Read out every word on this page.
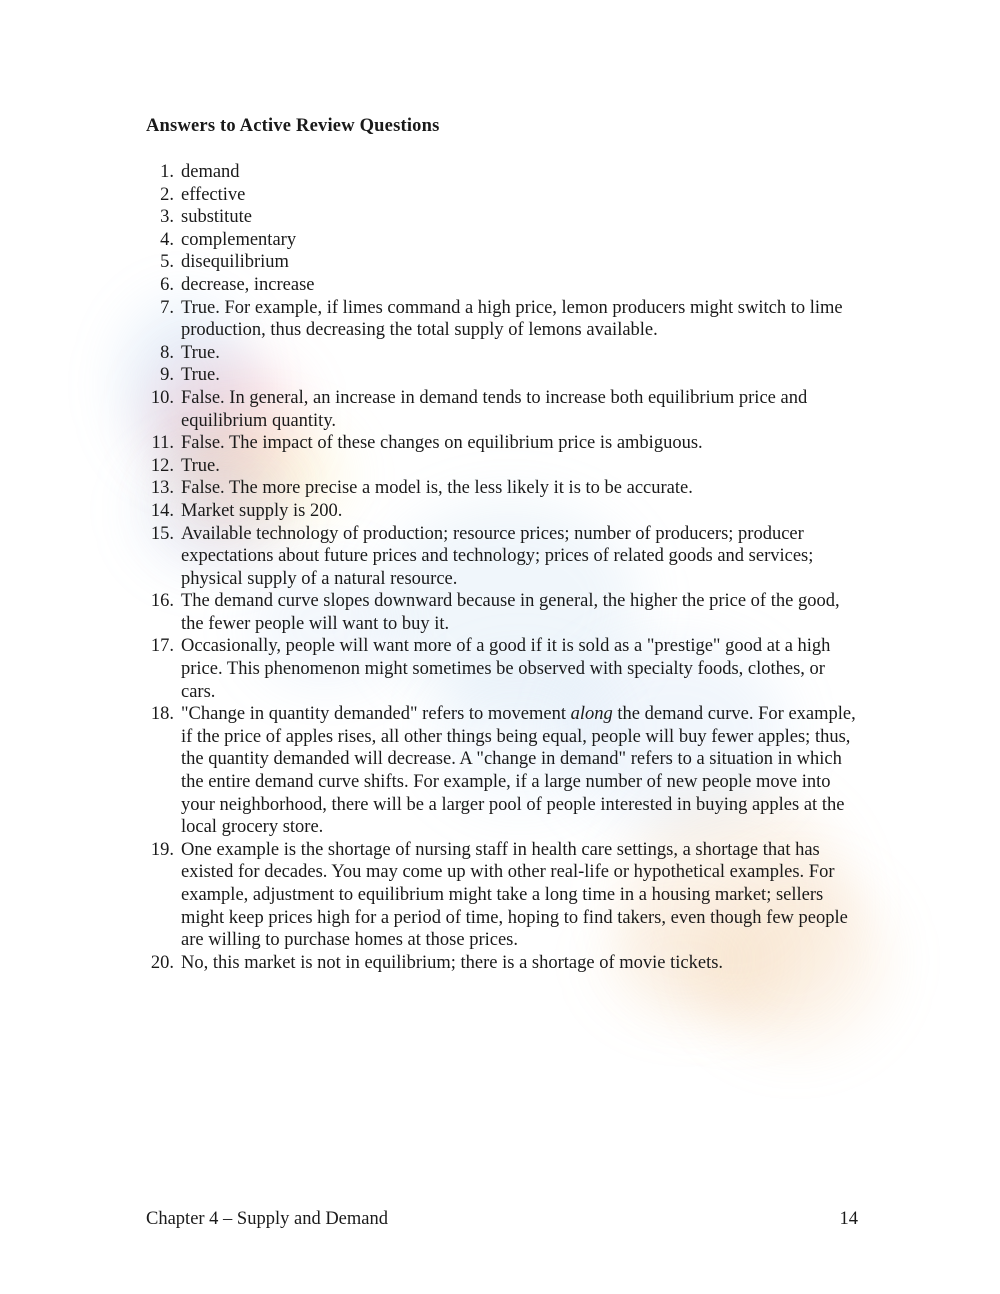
Answers to Active Review Questions
1. demand
2. effective
3. substitute
4. complementary
5. disequilibrium
6. decrease, increase
7. True. For example, if limes command a high price, lemon producers might switch to lime production, thus decreasing the total supply of lemons available.
8. True.
9. True.
10. False. In general, an increase in demand tends to increase both equilibrium price and equilibrium quantity.
11. False. The impact of these changes on equilibrium price is ambiguous.
12. True.
13. False. The more precise a model is, the less likely it is to be accurate.
14. Market supply is 200.
15. Available technology of production; resource prices; number of producers; producer expectations about future prices and technology; prices of related goods and services; physical supply of a natural resource.
16. The demand curve slopes downward because in general, the higher the price of the good, the fewer people will want to buy it.
17. Occasionally, people will want more of a good if it is sold as a "prestige" good at a high price. This phenomenon might sometimes be observed with specialty foods, clothes, or cars.
18. "Change in quantity demanded" refers to movement along the demand curve. For example, if the price of apples rises, all other things being equal, people will buy fewer apples; thus, the quantity demanded will decrease. A "change in demand" refers to a situation in which the entire demand curve shifts. For example, if a large number of new people move into your neighborhood, there will be a larger pool of people interested in buying apples at the local grocery store.
19. One example is the shortage of nursing staff in health care settings, a shortage that has existed for decades. You may come up with other real-life or hypothetical examples. For example, adjustment to equilibrium might take a long time in a housing market; sellers might keep prices high for a period of time, hoping to find takers, even though few people are willing to purchase homes at those prices.
20. No, this market is not in equilibrium; there is a shortage of movie tickets.
Chapter 4 – Supply and Demand	14
